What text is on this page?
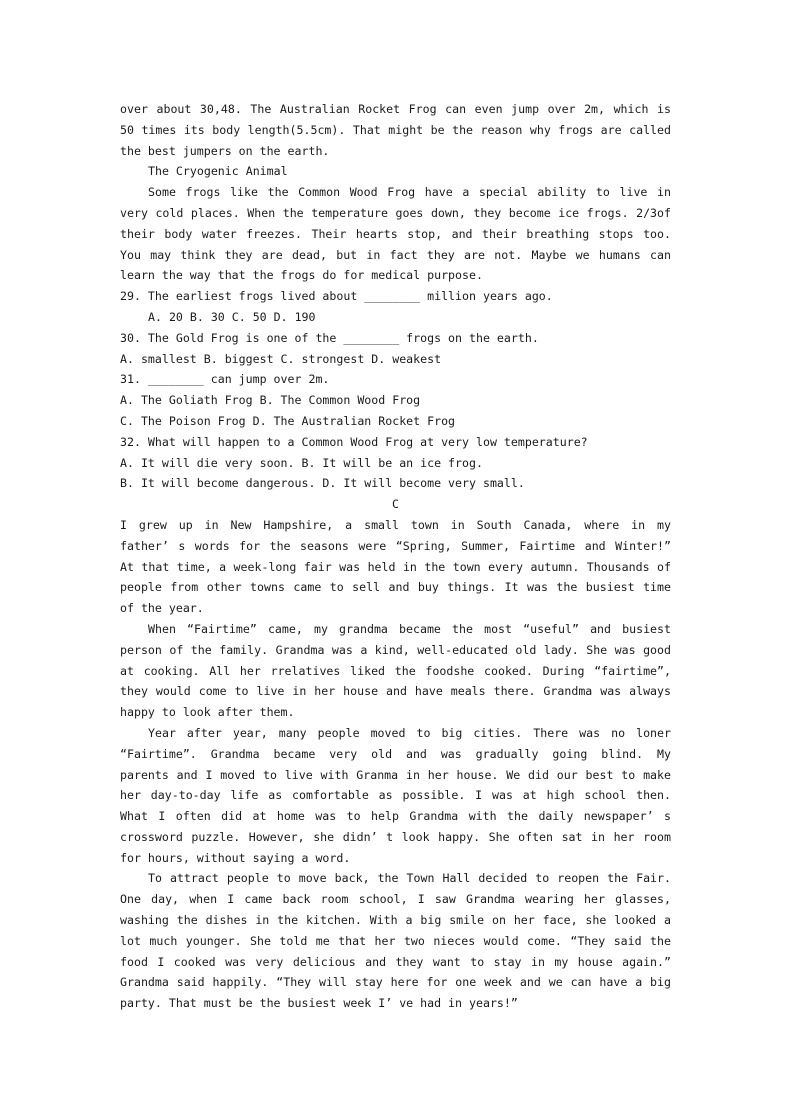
over about 30,48. The Australian Rocket Frog can even jump over 2m, which is
50 times its body length(5.5cm). That might be the reason why frogs are called
the best jumpers on the earth.
The Cryogenic Animal
Some frogs like the Common Wood Frog have a special ability to live in
very cold places. When the temperature goes down, they become ice frogs. 2/3of
their body water freezes. Their hearts stop, and their breathing stops too.
You may think they are dead, but in fact they are not. Maybe we humans can
learn the way that the frogs do for medical purpose.
29. The earliest frogs lived about ________ million years ago.
A. 20 B. 30 C. 50 D. 190
30. The Gold Frog is one of the ________ frogs on the earth.
A. smallest B. biggest C. strongest D. weakest
31. ________ can jump over 2m.
A. The Goliath Frog B. The Common Wood Frog
C. The Poison Frog D. The Australian Rocket Frog
32. What will happen to a Common Wood Frog at very low temperature?
A. It will die very soon. B. It will be an ice frog.
B. It will become dangerous. D. It will become very small.
C
I grew up in New Hampshire, a small town in South Canada, where in my
father’ s words for the seasons were “Spring, Summer, Fairtime and Winter!”
At that time, a week-long fair was held in the town every autumn. Thousands of
people from other towns came to sell and buy things. It was the busiest time
of the year.
When “Fairtime” came, my grandma became the most “useful” and busiest
person of the family. Grandma was a kind, well-educated old lady. She was good
at cooking. All her rrelatives liked the foodshe cooked. During “fairtime”,
they would come to live in her house and have meals there. Grandma was always
happy to look after them.
Year after year, many people moved to big cities. There was no loner
“Fairtime”. Grandma became very old and was gradually going blind. My
parents and I moved to live with Granma in her house. We did our best to make
her day-to-day life as comfortable as possible. I was at high school then.
What I often did at home was to help Grandma with the daily newspaper’ s
crossword puzzle. However, she didn’ t look happy. She often sat in her room
for hours, without saying a word.
To attract people to move back, the Town Hall decided to reopen the Fair.
One day, when I came back room school, I saw Grandma wearing her glasses,
washing the dishes in the kitchen. With a big smile on her face, she looked a
lot much younger. She told me that her two nieces would come. “They said the
food I cooked was very delicious and they want to stay in my house again.”
Grandma said happily. “They will stay here for one week and we can have a big
party. That must be the busiest week I’ ve had in years!”
